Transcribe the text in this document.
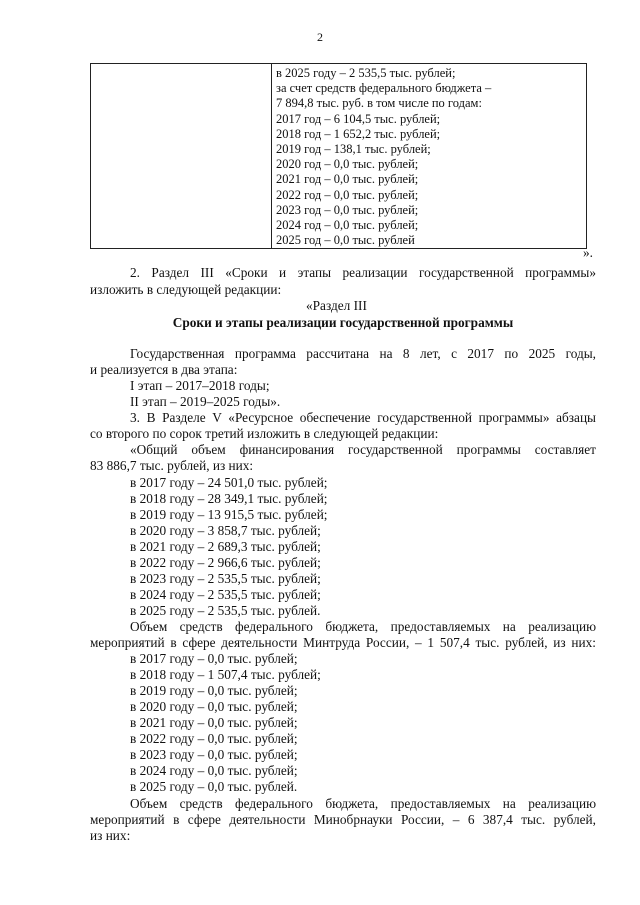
2

в 2025 году – 2 535,5 тыс. рублей;
за счет средств федерального бюджета –
7 894,8 тыс. руб. в том числе по годам:
2017 год – 6 104,5 тыс. рублей;
2018 год – 1 652,2 тыс. рублей;
2019 год – 138,1 тыс. рублей;
2020 год – 0,0 тыс. рублей;
2021 год – 0,0 тыс. рублей;
2022 год – 0,0 тыс. рублей;
2023 год – 0,0 тыс. рублей;
2024 год – 0,0 тыс. рублей;
2025 год – 0,0 тыс. рублей
».
2. Раздел III «Сроки и этапы реализации государственной программы»
изложить в следующей редакции:
«Раздел III
Сроки и этапы реализации государственной программы
Государственная программа рассчитана на 8 лет, с 2017 по 2025 годы,
и реализуется в два этапа:
I этап – 2017–2018 годы;
II этап – 2019–2025 годы».
3. В Разделе V «Ресурсное обеспечение государственной программы» абзацы
со второго по сорок третий изложить в следующей редакции:
«Общий объем финансирования государственной программы составляет
83 886,7 тыс. рублей, из них:
в 2017 году – 24 501,0 тыс. рублей;
в 2018 году – 28 349,1 тыс. рублей;
в 2019 году – 13 915,5 тыс. рублей;
в 2020 году – 3 858,7 тыс. рублей;
в 2021 году – 2 689,3 тыс. рублей;
в 2022 году – 2 966,6 тыс. рублей;
в 2023 году – 2 535,5 тыс. рублей;
в 2024 году – 2 535,5 тыс. рублей;
в 2025 году – 2 535,5 тыс. рублей.
Объем средств федерального бюджета, предоставляемых на реализацию
мероприятий в сфере деятельности Минтруда России, – 1 507,4 тыс. рублей, из них:
в 2017 году – 0,0 тыс. рублей;
в 2018 году – 1 507,4 тыс. рублей;
в 2019 году – 0,0 тыс. рублей;
в 2020 году – 0,0 тыс. рублей;
в 2021 году – 0,0 тыс. рублей;
в 2022 году – 0,0 тыс. рублей;
в 2023 году – 0,0 тыс. рублей;
в 2024 году – 0,0 тыс. рублей;
в 2025 году – 0,0 тыс. рублей.
Объем средств федерального бюджета, предоставляемых на реализацию
мероприятий в сфере деятельности Минобрнауки России, – 6 387,4 тыс. рублей,
из них:
